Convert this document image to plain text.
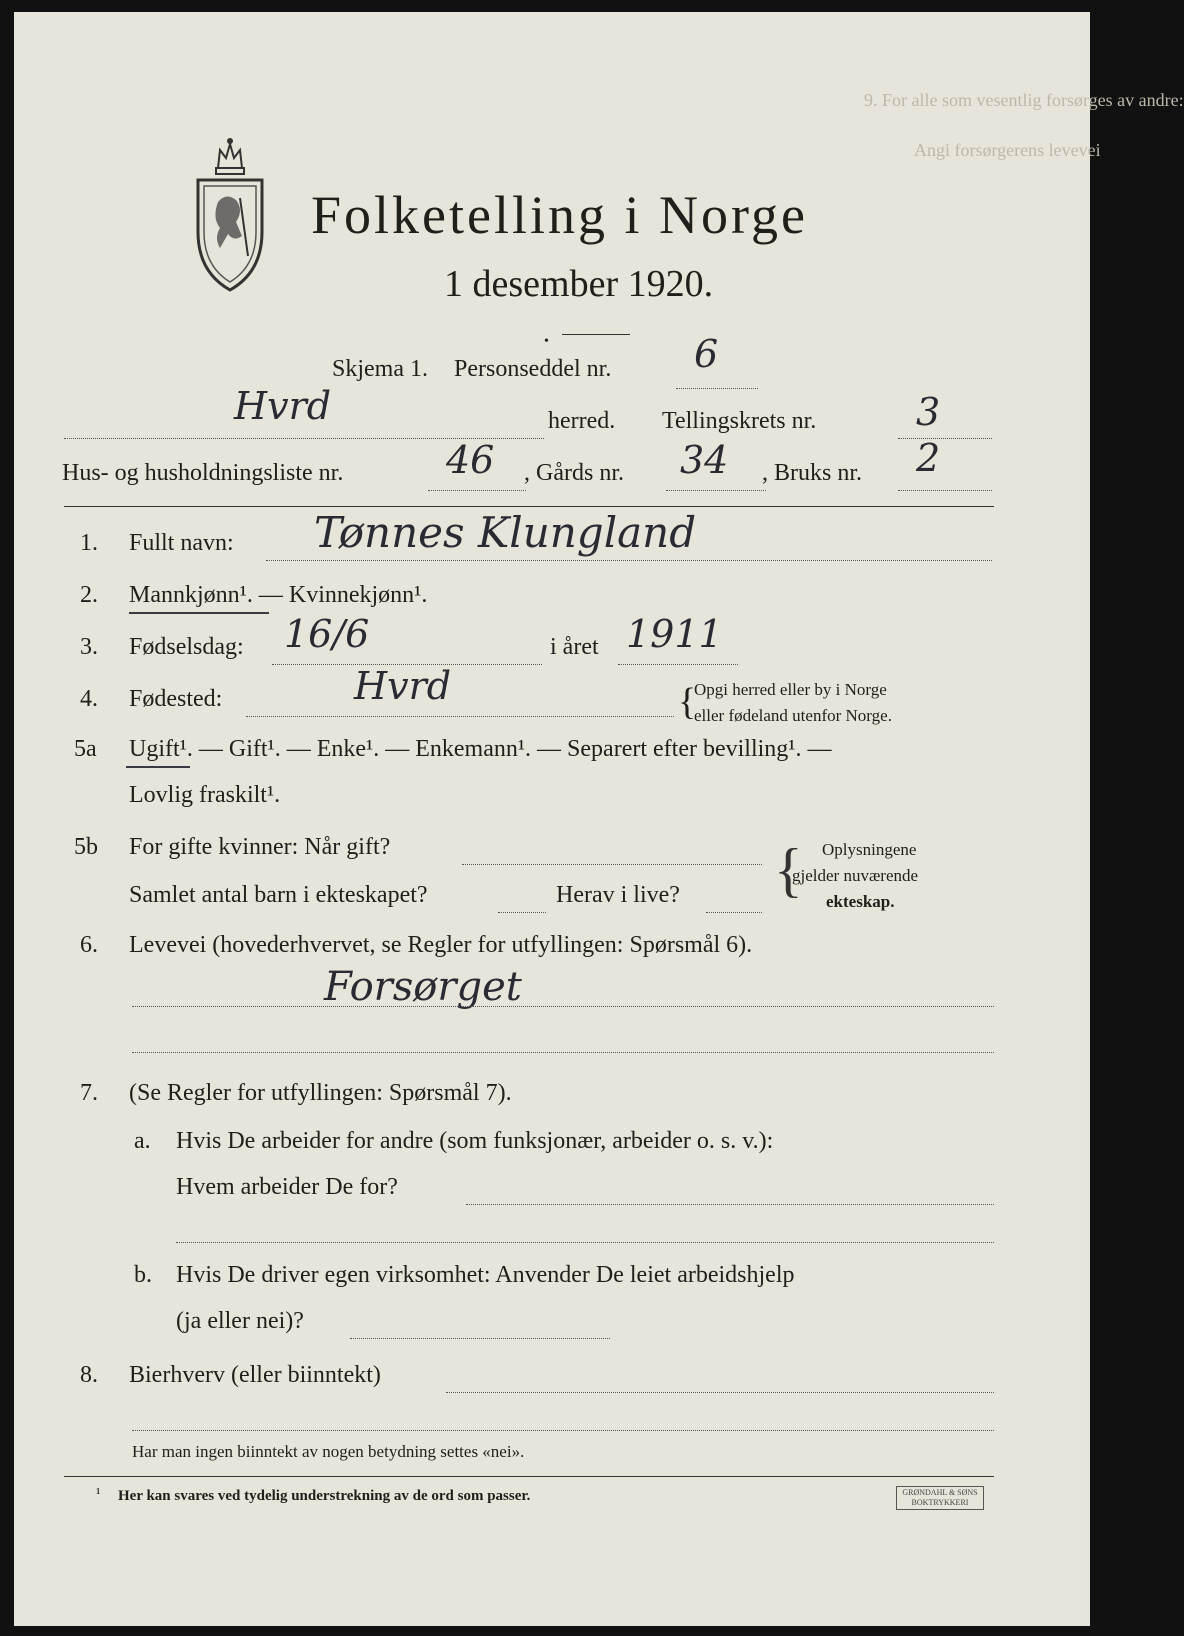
9. For alle som vesentlig forsørges av andre:
Angi forsørgerens levevei
Folketelling i Norge
1 desember 1920.
•
Skjema 1. Personseddel nr. 6
Hvrd	herred. Tellingskrets nr.	3
Hus- og husholdningsliste nr.	46 , Gårds nr. 34 , Bruks nr. 2
1. Fullt navn: Tønnes Klungland
2. Mannkjønn¹. — Kvinnekjønn¹.
3. Fødselsdag: 16/6	i året 1911
4. Fødested:	Hvrd	{
Opgi herred eller by i Norge
eller fødeland utenfor Norge.
5a Ugift¹. — Gift¹. — Enke¹. — Enkemann¹. — Separert efter bevilling¹. —
Lovlig fraskilt¹.
5b For gifte kvinner: Når gift?
Samlet antal barn i ekteskapet?	Herav i live? { Oplysningene
gjelder nuværende
ekteskap.
6. Levevei (hovederhvervet, se Regler for utfyllingen: Spørsmål 6).
Forsørget
7. (Se Regler for utfyllingen: Spørsmål 7).
a. Hvis De arbeider for andre (som funksjonær, arbeider o. s. v.):
Hvem arbeider De for?
b. Hvis De driver egen virksomhet: Anvender De leiet arbeidshjelp
(ja eller nei)?
8. Bierhverv (eller biinntekt)
Har man ingen biinntekt av nogen betydning settes «nei».
¹ Her kan svares ved tydelig understrekning av de ord som passer.	GRØNDAHL & SØNS BOKTRYKKERI
